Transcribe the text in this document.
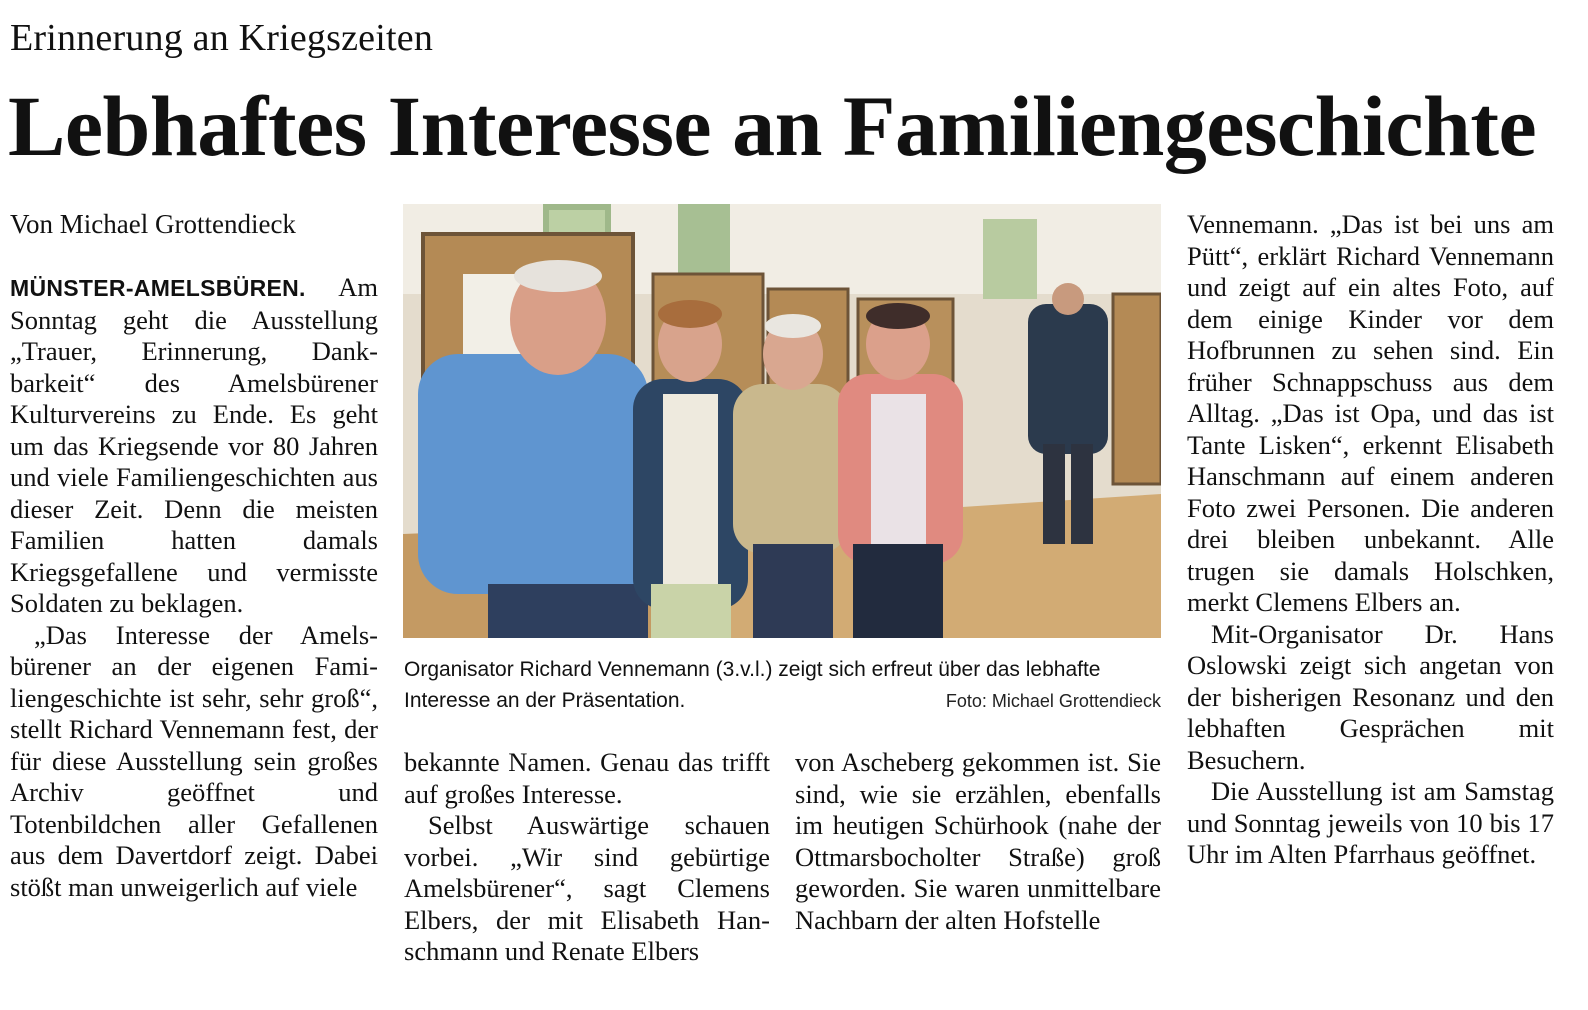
Erinnerung an Kriegszeiten
Lebhaftes Interesse an Familiengeschichte
Von Michael Grottendieck

MÜNSTER-AMELSBÜREN. Am Sonntag geht die Ausstellung „Trauer, Erinnerung, Dankbarkeit“ des Amelsbürener Kulturvereins zu Ende. Es geht um das Kriegsende vor 80 Jahren und viele Familiengeschichten aus dieser Zeit. Denn die meisten Familien hatten damals Kriegsgefallene und vermisste Soldaten zu beklagen.

„Das Interesse der Amelsbürener an der eigenen Familiengeschichte ist sehr, sehr groß“, stellt Richard Vennemann fest, der für diese Ausstellung sein großes Archiv geöffnet und Totenbildchen aller Gefallenen aus dem Davertdorf zeigt. Dabei stößt man unweigerlich auf viele

Organisator Richard Vennemann (3.v.l.) zeigt sich erfreut über das lebhafte Interesse an der Präsentation.	Foto: Michael Grottendieck

bekannte Namen. Genau das trifft auf großes Interesse.

Selbst Auswärtige schauen vorbei. „Wir sind gebürtige Amelsbürener“, sagt Clemens Elbers, der mit Elisabeth Hanschmann und Renate Elbers

von Ascheberg gekommen ist. Sie sind, wie sie erzählen, ebenfalls im heutigen Schürhook (nahe der Ottmarsbocholter Straße) groß geworden. Sie waren unmittelbare Nachbarn der alten Hofstelle

Vennemann. „Das ist bei uns am Pütt“, erklärt Richard Vennemann und zeigt auf ein altes Foto, auf dem einige Kinder vor dem Hofbrunnen zu sehen sind. Ein früher Schnappschuss aus dem Alltag. „Das ist Opa, und das ist Tante Lisken“, erkennt Elisabeth Hanschmann auf einem anderen Foto zwei Personen. Die anderen drei bleiben unbekannt. Alle trugen sie damals Holschken, merkt Clemens Elbers an.

Mit-Organisator Dr. Hans Oslowski zeigt sich angetan von der bisherigen Resonanz und den lebhaften Gesprächen mit Besuchern.

Die Ausstellung ist am Samstag und Sonntag jeweils von 10 bis 17 Uhr im Alten Pfarrhaus geöffnet.
